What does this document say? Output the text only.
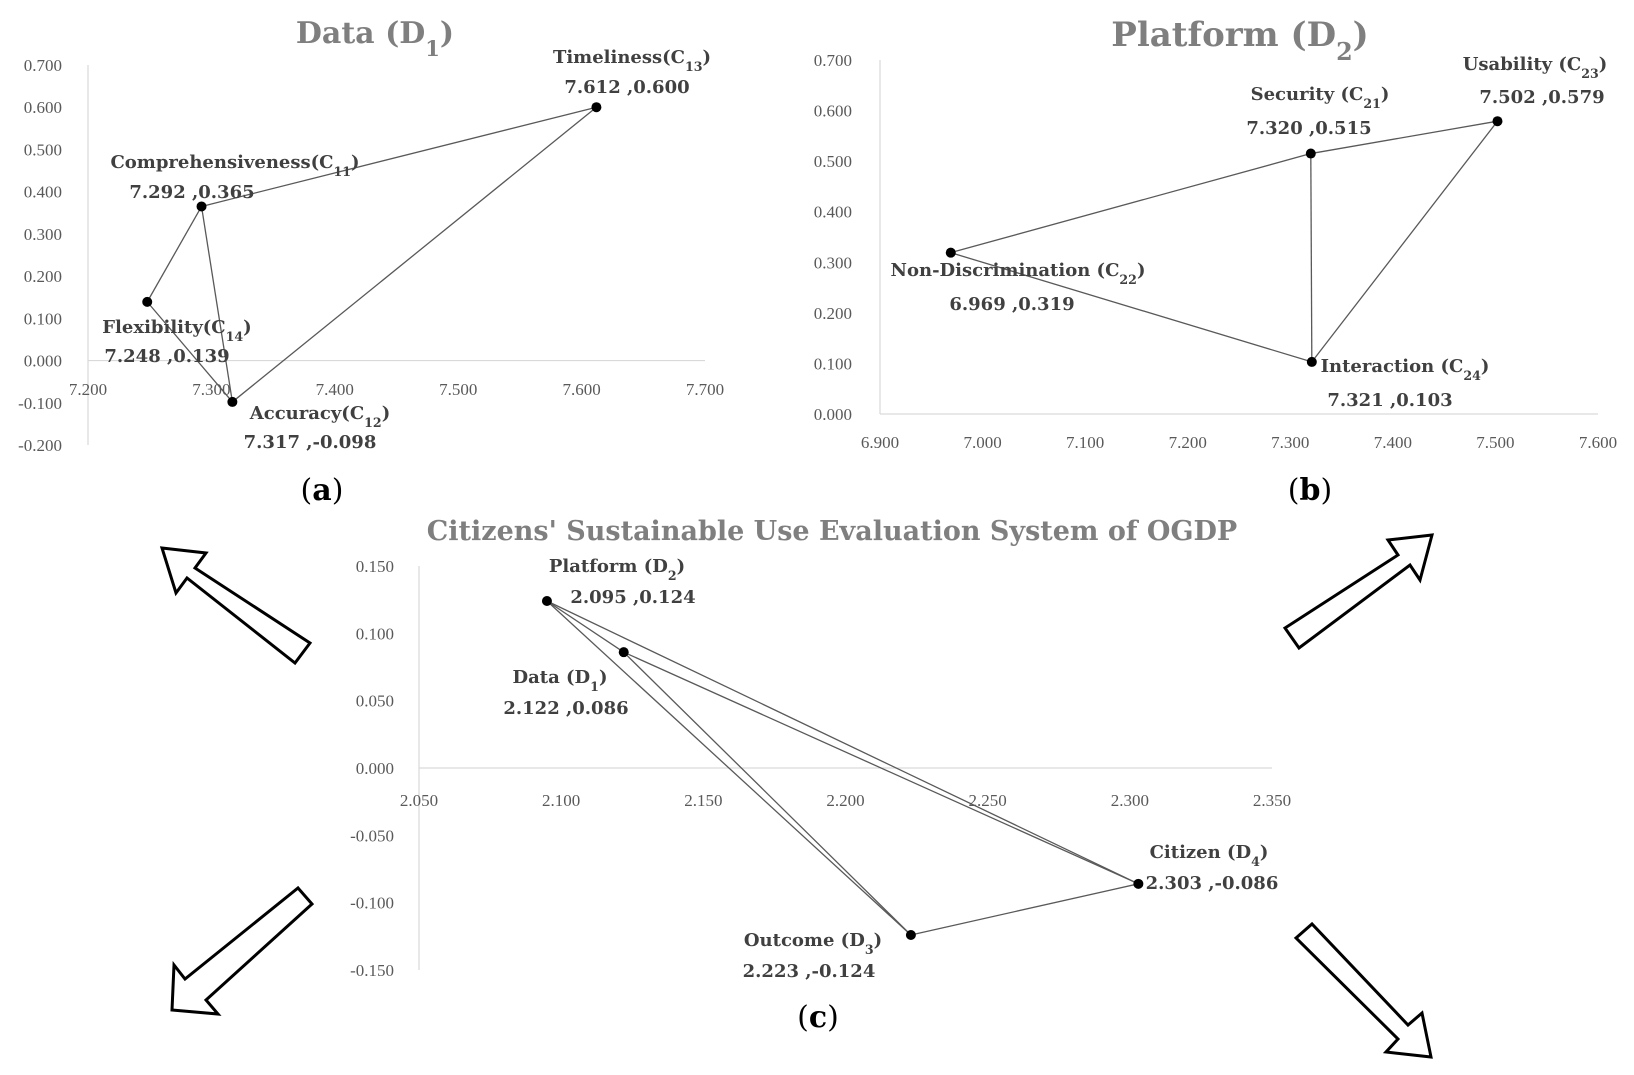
Data $(D_1)$
7.200	7.300	7.400	7.500	7.600	7.700
0.700
0.600
0.500
0.400
0.300
0.200
0.100
0.000
-0.100
-0.200
$Comprehensiveness(C_{11})$
7.292 ,0.365
$Accuracy(C_{12})$
7.317 ,-0.098
$Timeliness(C_{13})$
7.612 ,0.600
$Flexibility(C_{14})$
7.248 ,0.139
(a)
Platform $(D_2)$
6.900	7.000	7.100	7.200	7.300	7.400	7.500	7.600
0.700
0.600
0.500
0.400
0.300
0.200
0.100
0.000
Security $(C_{21})$
7.320 ,0.515
Non-Discrimination $(C_{22})$
6.969 ,0.319
Usability $(C_{23})$
7.502 ,0.579
Interaction $(C_{24})$
7.321 ,0.103
(b)
Citizens' Sustainable Use Evaluation System of OGDP
2.050	2.100	2.150	2.200	2.250	2.300	2.350
0.150
0.100
0.050
0.000
-0.050
-0.100
-0.150
Data $(D_1)$
2.122 ,0.086
Platform $(D_2)$
2.095 ,0.124
Outcome $(D_3)$
2.223 ,-0.124
Citizen $(D_4)$
2.303 ,-0.086
(c)
